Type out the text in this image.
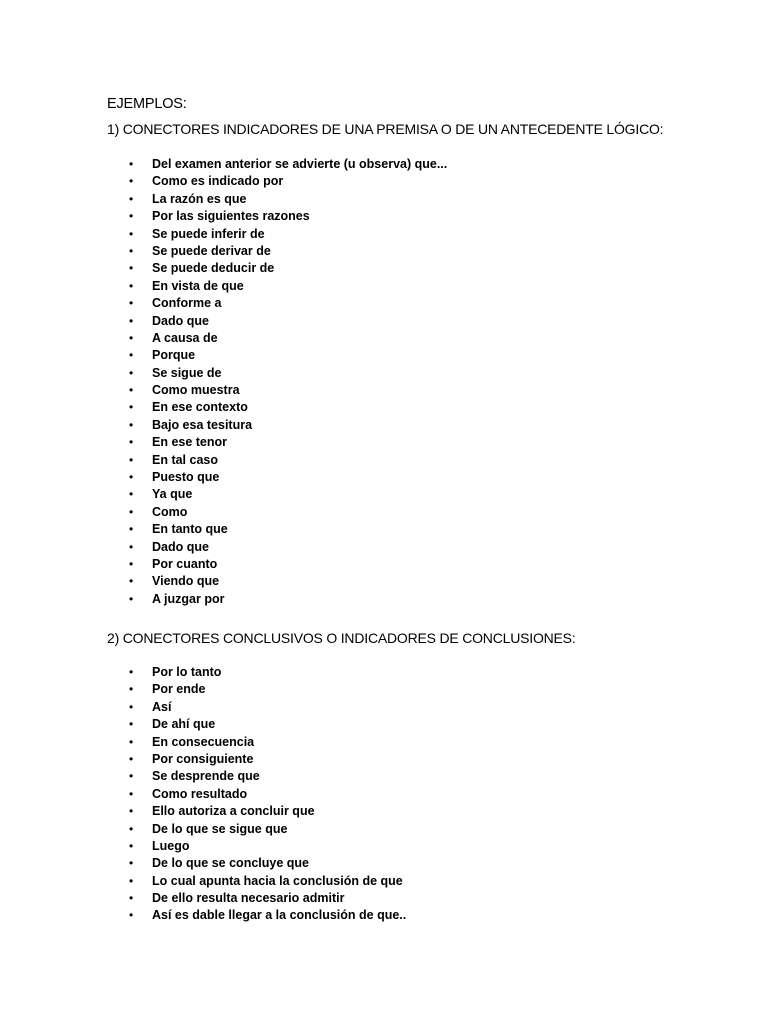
EJEMPLOS:
1) CONECTORES INDICADORES DE UNA PREMISA O DE UN ANTECEDENTE LÓGICO:
• Del examen anterior se advierte (u observa) que...
• Como es indicado por
• La razón es que
• Por las siguientes razones
• Se puede inferir de
• Se puede derivar de
• Se puede deducir de
• En vista de que
• Conforme a
• Dado que
• A causa de
• Porque
• Se sigue de
• Como muestra
• En ese contexto
• Bajo esa tesitura
• En ese tenor
• En tal caso
• Puesto que
• Ya que
• Como
• En tanto que
• Dado que
• Por cuanto
• Viendo que
• A juzgar por
2) CONECTORES CONCLUSIVOS O INDICADORES DE CONCLUSIONES:
• Por lo tanto
• Por ende
• Así
• De ahí que
• En consecuencia
• Por consiguiente
• Se desprende que
• Como resultado
• Ello autoriza a concluir que
• De lo que se sigue que
• Luego
• De lo que se concluye que
• Lo cual apunta hacia la conclusión de que
• De ello resulta necesario admitir
• Así es dable llegar a la conclusión de que..
